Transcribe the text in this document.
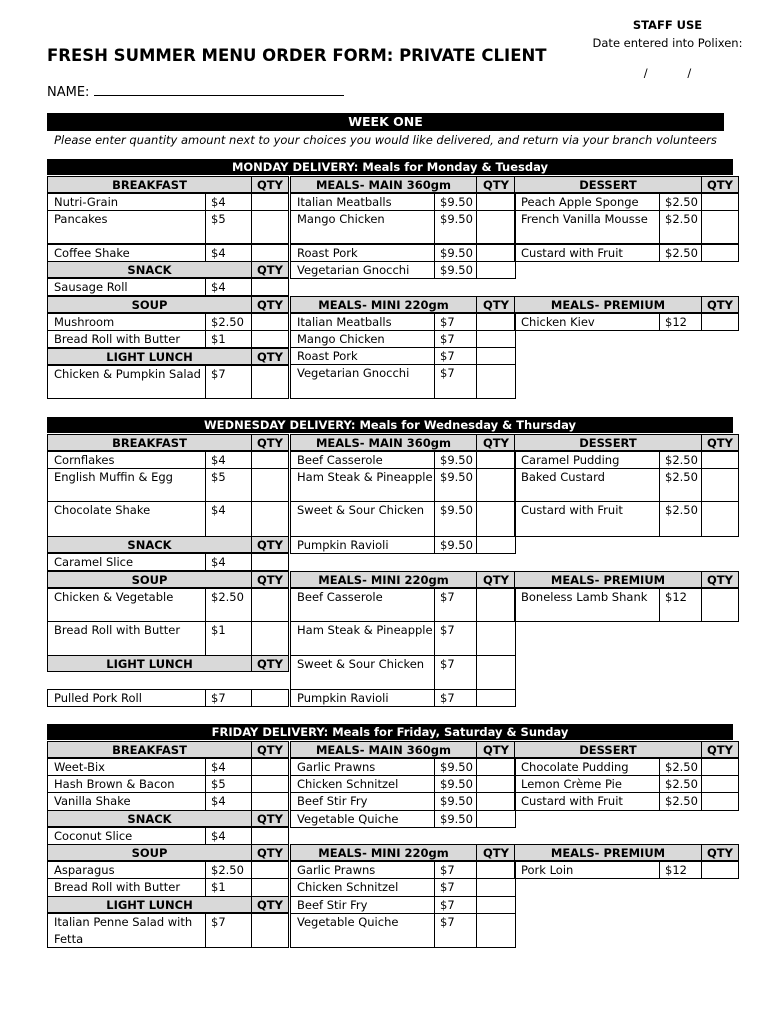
STAFF USE
Date entered into Polixen:
/ /
FRESH SUMMER MENU ORDER FORM: PRIVATE CLIENT
NAME:
WEEK ONE
Please enter quantity amount next to your choices you would like delivered, and return via your branch volunteers
MONDAY DELIVERY: Meals for Monday & Tuesday
BREAKFAST	QTY
Nutri-Grain	$4
Pancakes	$5
Coffee Shake	$4
SNACK	QTY
Sausage Roll	$4
SOUP	QTY
Mushroom	$2.50
Bread Roll with Butter	$1
LIGHT LUNCH	QTY
Chicken & Pumpkin Salad $7
MEALS- MAIN 360gm	QTY
Italian Meatballs	$9.50
Mango Chicken	$9.50
Roast Pork	$9.50
Vegetarian Gnocchi	$9.50
MEALS- MINI 220gm	QTY
Italian Meatballs	$7
Mango Chicken	$7
Roast Pork	$7
Vegetarian Gnocchi	$7
DESSERT	QTY
Peach Apple Sponge	$2.50
French Vanilla Mousse	$2.50
Custard with Fruit	$2.50
MEALS- PREMIUM	QTY
Chicken Kiev	$12
WEDNESDAY DELIVERY: Meals for Wednesday & Thursday
BREAKFAST	QTY
Cornflakes	$4
English Muffin & Egg	$5
Chocolate Shake	$4
SNACK	QTY
Caramel Slice	$4
SOUP	QTY
Chicken & Vegetable	$2.50
Bread Roll with Butter	$1
LIGHT LUNCH	QTY
Pulled Pork Roll	$7
MEALS- MAIN 360gm	QTY
Beef Casserole	$9.50
Ham Steak & Pineapple $9.50
Sweet & Sour Chicken	$9.50
Pumpkin Ravioli	$9.50
MEALS- MINI 220gm	QTY
Beef Casserole	$7
Ham Steak & Pineapple $7
Sweet & Sour Chicken	$7
Pumpkin Ravioli	$7
DESSERT	QTY
Caramel Pudding	$2.50
Baked Custard	$2.50
Custard with Fruit	$2.50
MEALS- PREMIUM	QTY
Boneless Lamb Shank	$12
FRIDAY DELIVERY: Meals for Friday, Saturday & Sunday
BREAKFAST	QTY
Weet-Bix	$4
Hash Brown & Bacon	$5
Vanilla Shake	$4
SNACK	QTY
Coconut Slice	$4
SOUP	QTY
Asparagus	$2.50
Bread Roll with Butter	$1
LIGHT LUNCH	QTY
Italian Penne Salad with Fetta
$7
MEALS- MAIN 360gm	QTY
Garlic Prawns	$9.50
Chicken Schnitzel	$9.50
Beef Stir Fry	$9.50
Vegetable Quiche	$9.50
MEALS- MINI 220gm	QTY
Garlic Prawns	$7
Chicken Schnitzel	$7
Beef Stir Fry	$7
Vegetable Quiche	$7
DESSERT	QTY
Chocolate Pudding	$2.50
Lemon Crème Pie	$2.50
Custard with Fruit	$2.50
MEALS- PREMIUM	QTY
Pork Loin	$12
